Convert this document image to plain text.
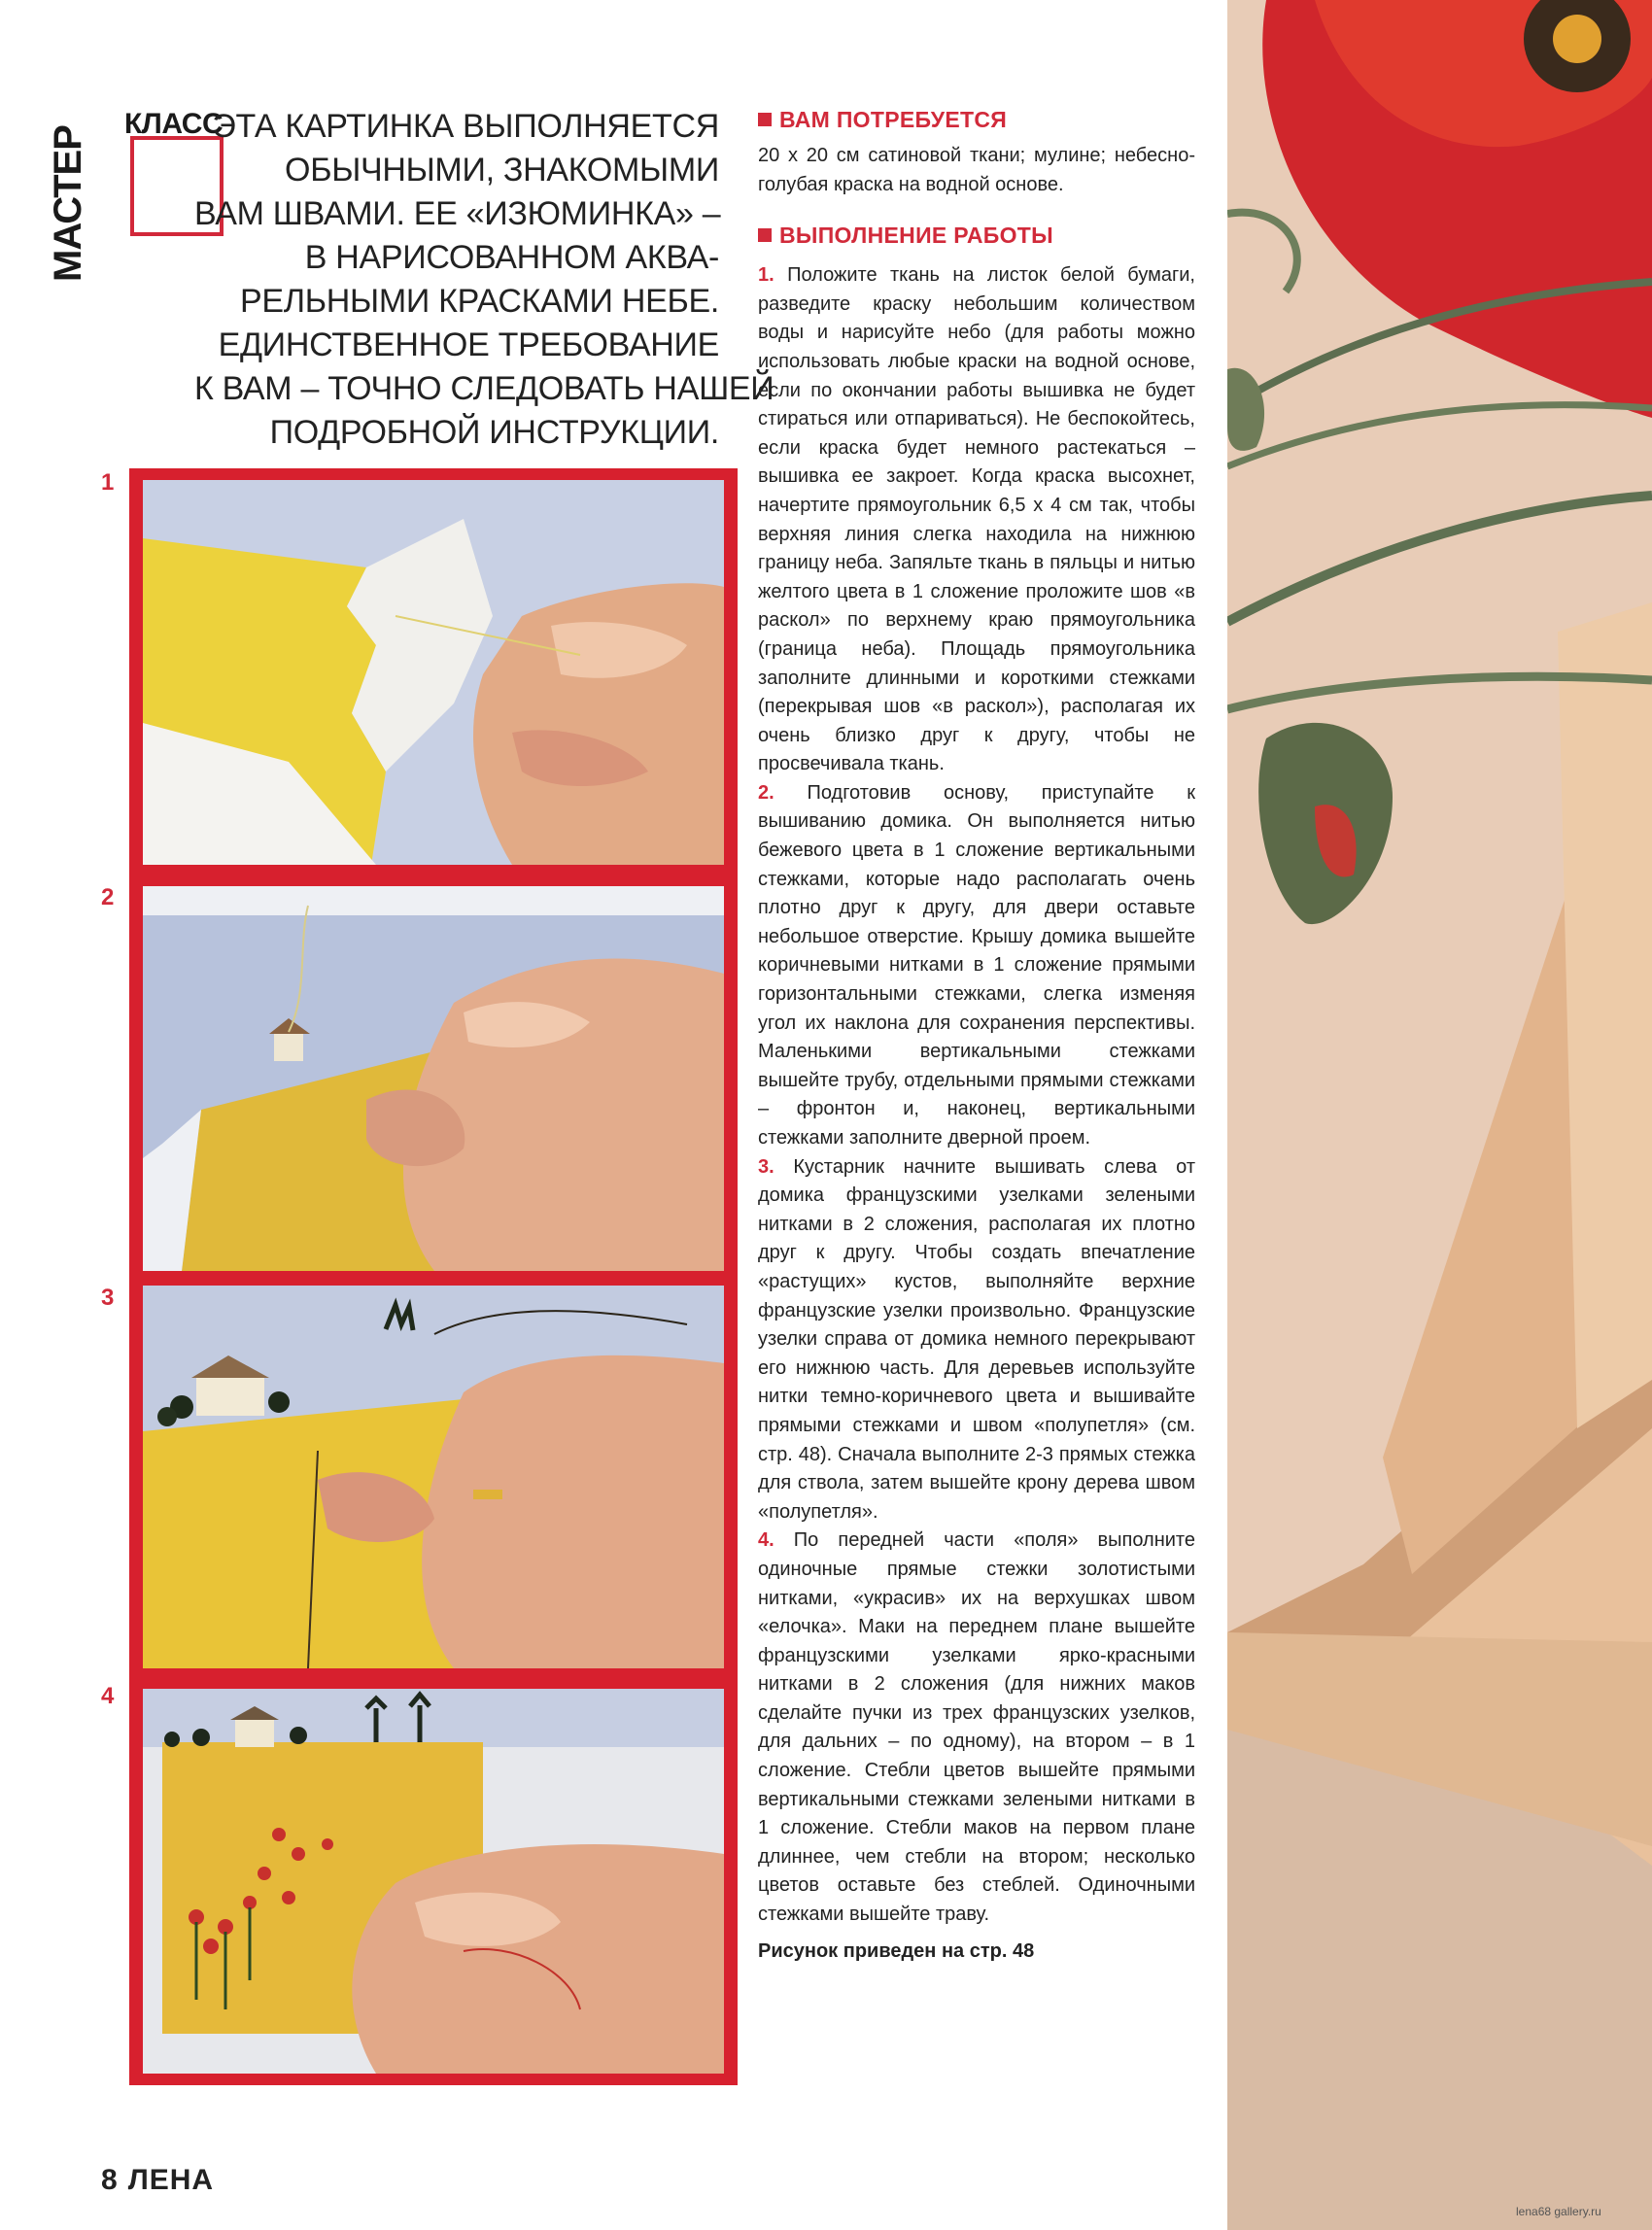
МАСТЕР
КЛАСС
ЭТА КАРТИНКА ВЫПОЛНЯЕТСЯ
ОБЫЧНЫМИ, ЗНАКОМЫМИ
ВАМ ШВАМИ. ЕЕ «ИЗЮМИНКА» –
В НАРИСОВАННОМ АКВА-
РЕЛЬНЫМИ КРАСКАМИ НЕБЕ.
ЕДИНСТВЕННОЕ ТРЕБОВАНИЕ
К ВАМ – ТОЧНО СЛЕДОВАТЬ НАШЕЙ
ПОДРОБНОЙ ИНСТРУКЦИИ.
1
2
3
4

ВАМ ПОТРЕБУЕТСЯ

20 х 20 см сатиновой ткани; мулине; небесно-голубая краска на водной основе.

ВЫПОЛНЕНИЕ РАБОТЫ

1. Положите ткань на листок белой бумаги, разведите краску небольшим количеством воды и нарисуйте небо (для работы можно использовать любые краски на водной основе, если по окончании работы вышивка не будет стираться или отпариваться). Не беспокойтесь, если краска будет немного растекаться – вышивка ее закроет. Когда краска высохнет, начертите прямоугольник 6,5 х 4 см так, чтобы верхняя линия слегка находила на нижнюю границу неба. Запяльте ткань в пяльцы и нитью желтого цвета в 1 сложение проложите шов «в раскол» по верхнему краю прямоугольника (граница неба). Площадь прямоугольника заполните длинными и короткими стежками (перекрывая шов «в раскол»), располагая их очень близко друг к другу, чтобы не просвечивала ткань.

2. Подготовив основу, приступайте к вышиванию домика. Он выполняется нитью бежевого цвета в 1 сложение вертикальными стежками, которые надо располагать очень плотно друг к другу, для двери оставьте небольшое отверстие. Крышу домика вышейте коричневыми нитками в 1 сложение прямыми горизонтальными стежками, слегка изменяя угол их наклона для сохранения перспективы. Маленькими вертикальными стежками вышейте трубу, отдельными прямыми стежками – фронтон и, наконец, вертикальными стежками заполните дверной проем.

3. Кустарник начните вышивать слева от домика французскими узелками зелеными нитками в 2 сложения, располагая их плотно друг к другу. Чтобы создать впечатление «растущих» кустов, выполняйте верхние французские узелки произвольно. Французские узелки справа от домика немного перекрывают его нижнюю часть. Для деревьев используйте нитки темно-коричневого цвета и вышивайте прямыми стежками и швом «полупетля» (см. стр. 48). Сначала выполните 2-3 прямых стежка для ствола, затем вышейте крону дерева швом «полупетля».

4. По передней части «поля» выполните одиночные прямые стежки золотистыми нитками, «украсив» их на верхушках швом «елочка». Маки на переднем плане вышейте французскими узелками ярко-красными нитками в 2 сложения (для нижних маков сделайте пучки из трех французских узелков, для дальних – по одному), на втором – в 1 сложение. Стебли цветов вышейте прямыми вертикальными стежками зелеными нитками в 1 сложение. Стебли маков на первом плане длиннее, чем стебли на втором; несколько цветов оставьте без стеблей. Одиночными стежками вышейте траву.

Рисунок приведен на стр. 48

8 ЛЕНА
lena68 gallery.ru
